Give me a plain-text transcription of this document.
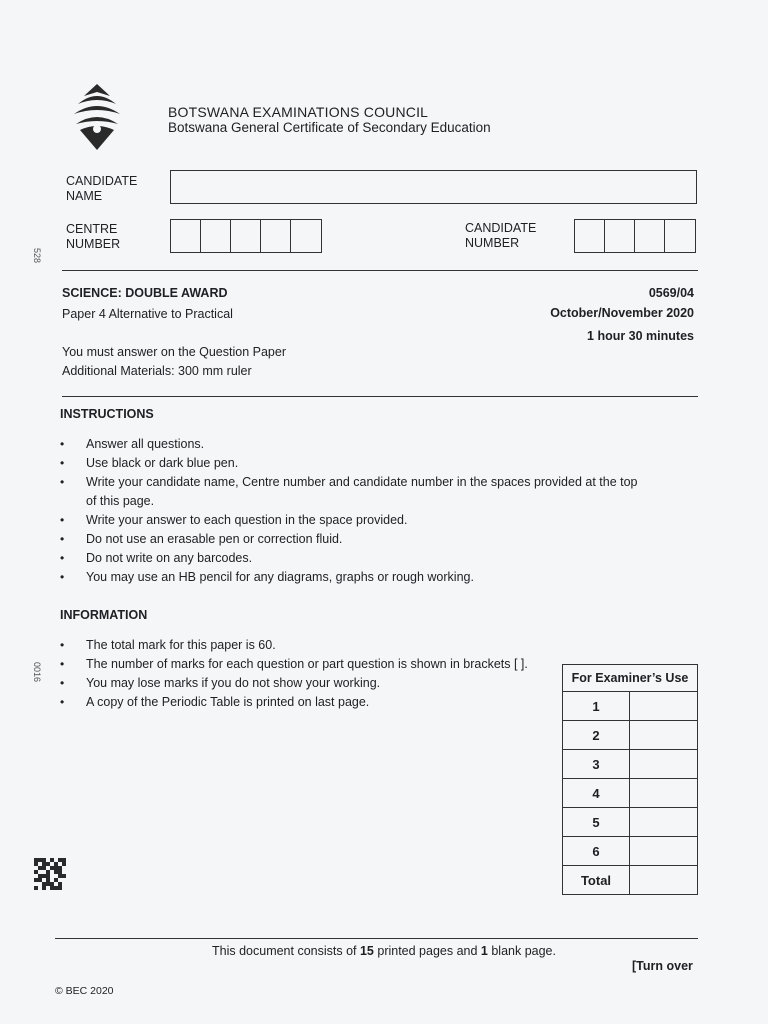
BOTSWANA EXAMINATIONS COUNCIL
Botswana General Certificate of Secondary Education
CANDIDATE
NAME
CENTRE
NUMBER
CANDIDATE
NUMBER
SCIENCE: DOUBLE AWARD
Paper 4 Alternative to Practical
0569/04
October/November 2020
1 hour 30 minutes
You must answer on the Question Paper
Additional Materials: 300 mm ruler
INSTRUCTIONS
• Answer all questions.
• Use black or dark blue pen.
• Write your candidate name, Centre number and candidate number in the spaces provided at the top of this page.
• Write your answer to each question in the space provided.
• Do not use an erasable pen or correction fluid.
• Do not write on any barcodes.
• You may use an HB pencil for any diagrams, graphs or rough working.
INFORMATION
• The total mark for this paper is 60.
• The number of marks for each question or part question is shown in brackets [ ].
• You may lose marks if you do not show your working.
• A copy of the Periodic Table is printed on last page.
For Examiner’s Use	
1	
2	
3	
4	
5	
6	
Total	
528
0016
This document consists of 15 printed pages and 1 blank page.
[Turn over
© BEC 2020
